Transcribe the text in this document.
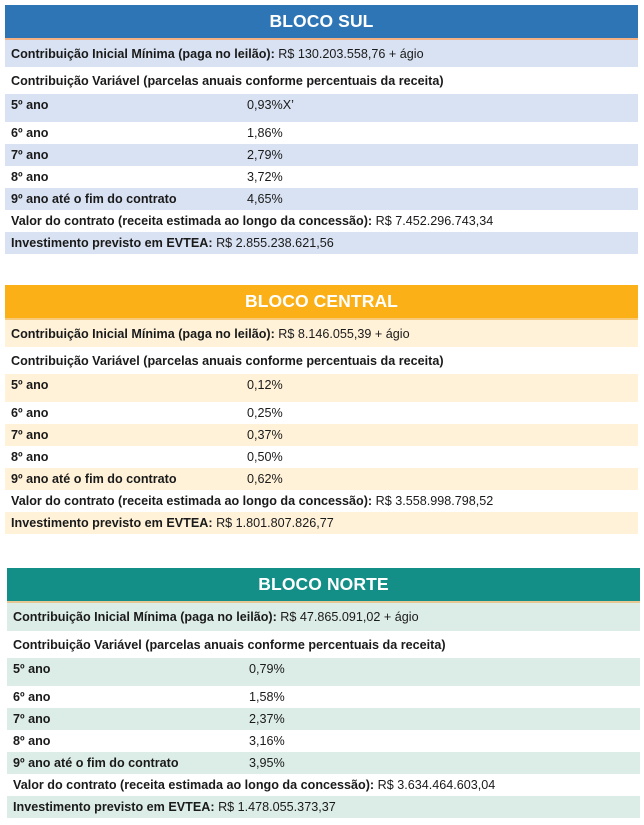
BLOCO SUL
Contribuição Inicial Mínima (paga no leilão):
R$ 130.203.558,76 + ágio
Contribuição Variável (parcelas anuais conforme percentuais da receita)
5º ano	0,93%X’
6º ano	1,86%
7º ano	2,79%
8º ano	3,72%
9º ano até o fim do contrato	4,65%
Valor do contrato (receita estimada ao longo da concessão):
R$ 7.452.296.743,34
Investimento previsto em EVTEA:
R$ 2.855.238.621,56
BLOCO CENTRAL
Contribuição Inicial Mínima (paga no leilão):
R$ 8.146.055,39 + ágio
Contribuição Variável (parcelas anuais conforme percentuais da receita)
5º ano	0,12%
6º ano	0,25%
7º ano	0,37%
8º ano	0,50%
9º ano até o fim do contrato	0,62%
Valor do contrato (receita estimada ao longo da concessão):
R$ 3.558.998.798,52
Investimento previsto em EVTEA:
R$ 1.801.807.826,77
BLOCO NORTE
Contribuição Inicial Mínima (paga no leilão):
R$ 47.865.091,02 + ágio
Contribuição Variável (parcelas anuais conforme percentuais da receita)
5º ano	0,79%
6º ano	1,58%
7º ano	2,37%
8º ano	3,16%
9º ano até o fim do contrato	3,95%
Valor do contrato (receita estimada ao longo da concessão):
R$ 3.634.464.603,04
Investimento previsto em EVTEA:
R$ 1.478.055.373,37
